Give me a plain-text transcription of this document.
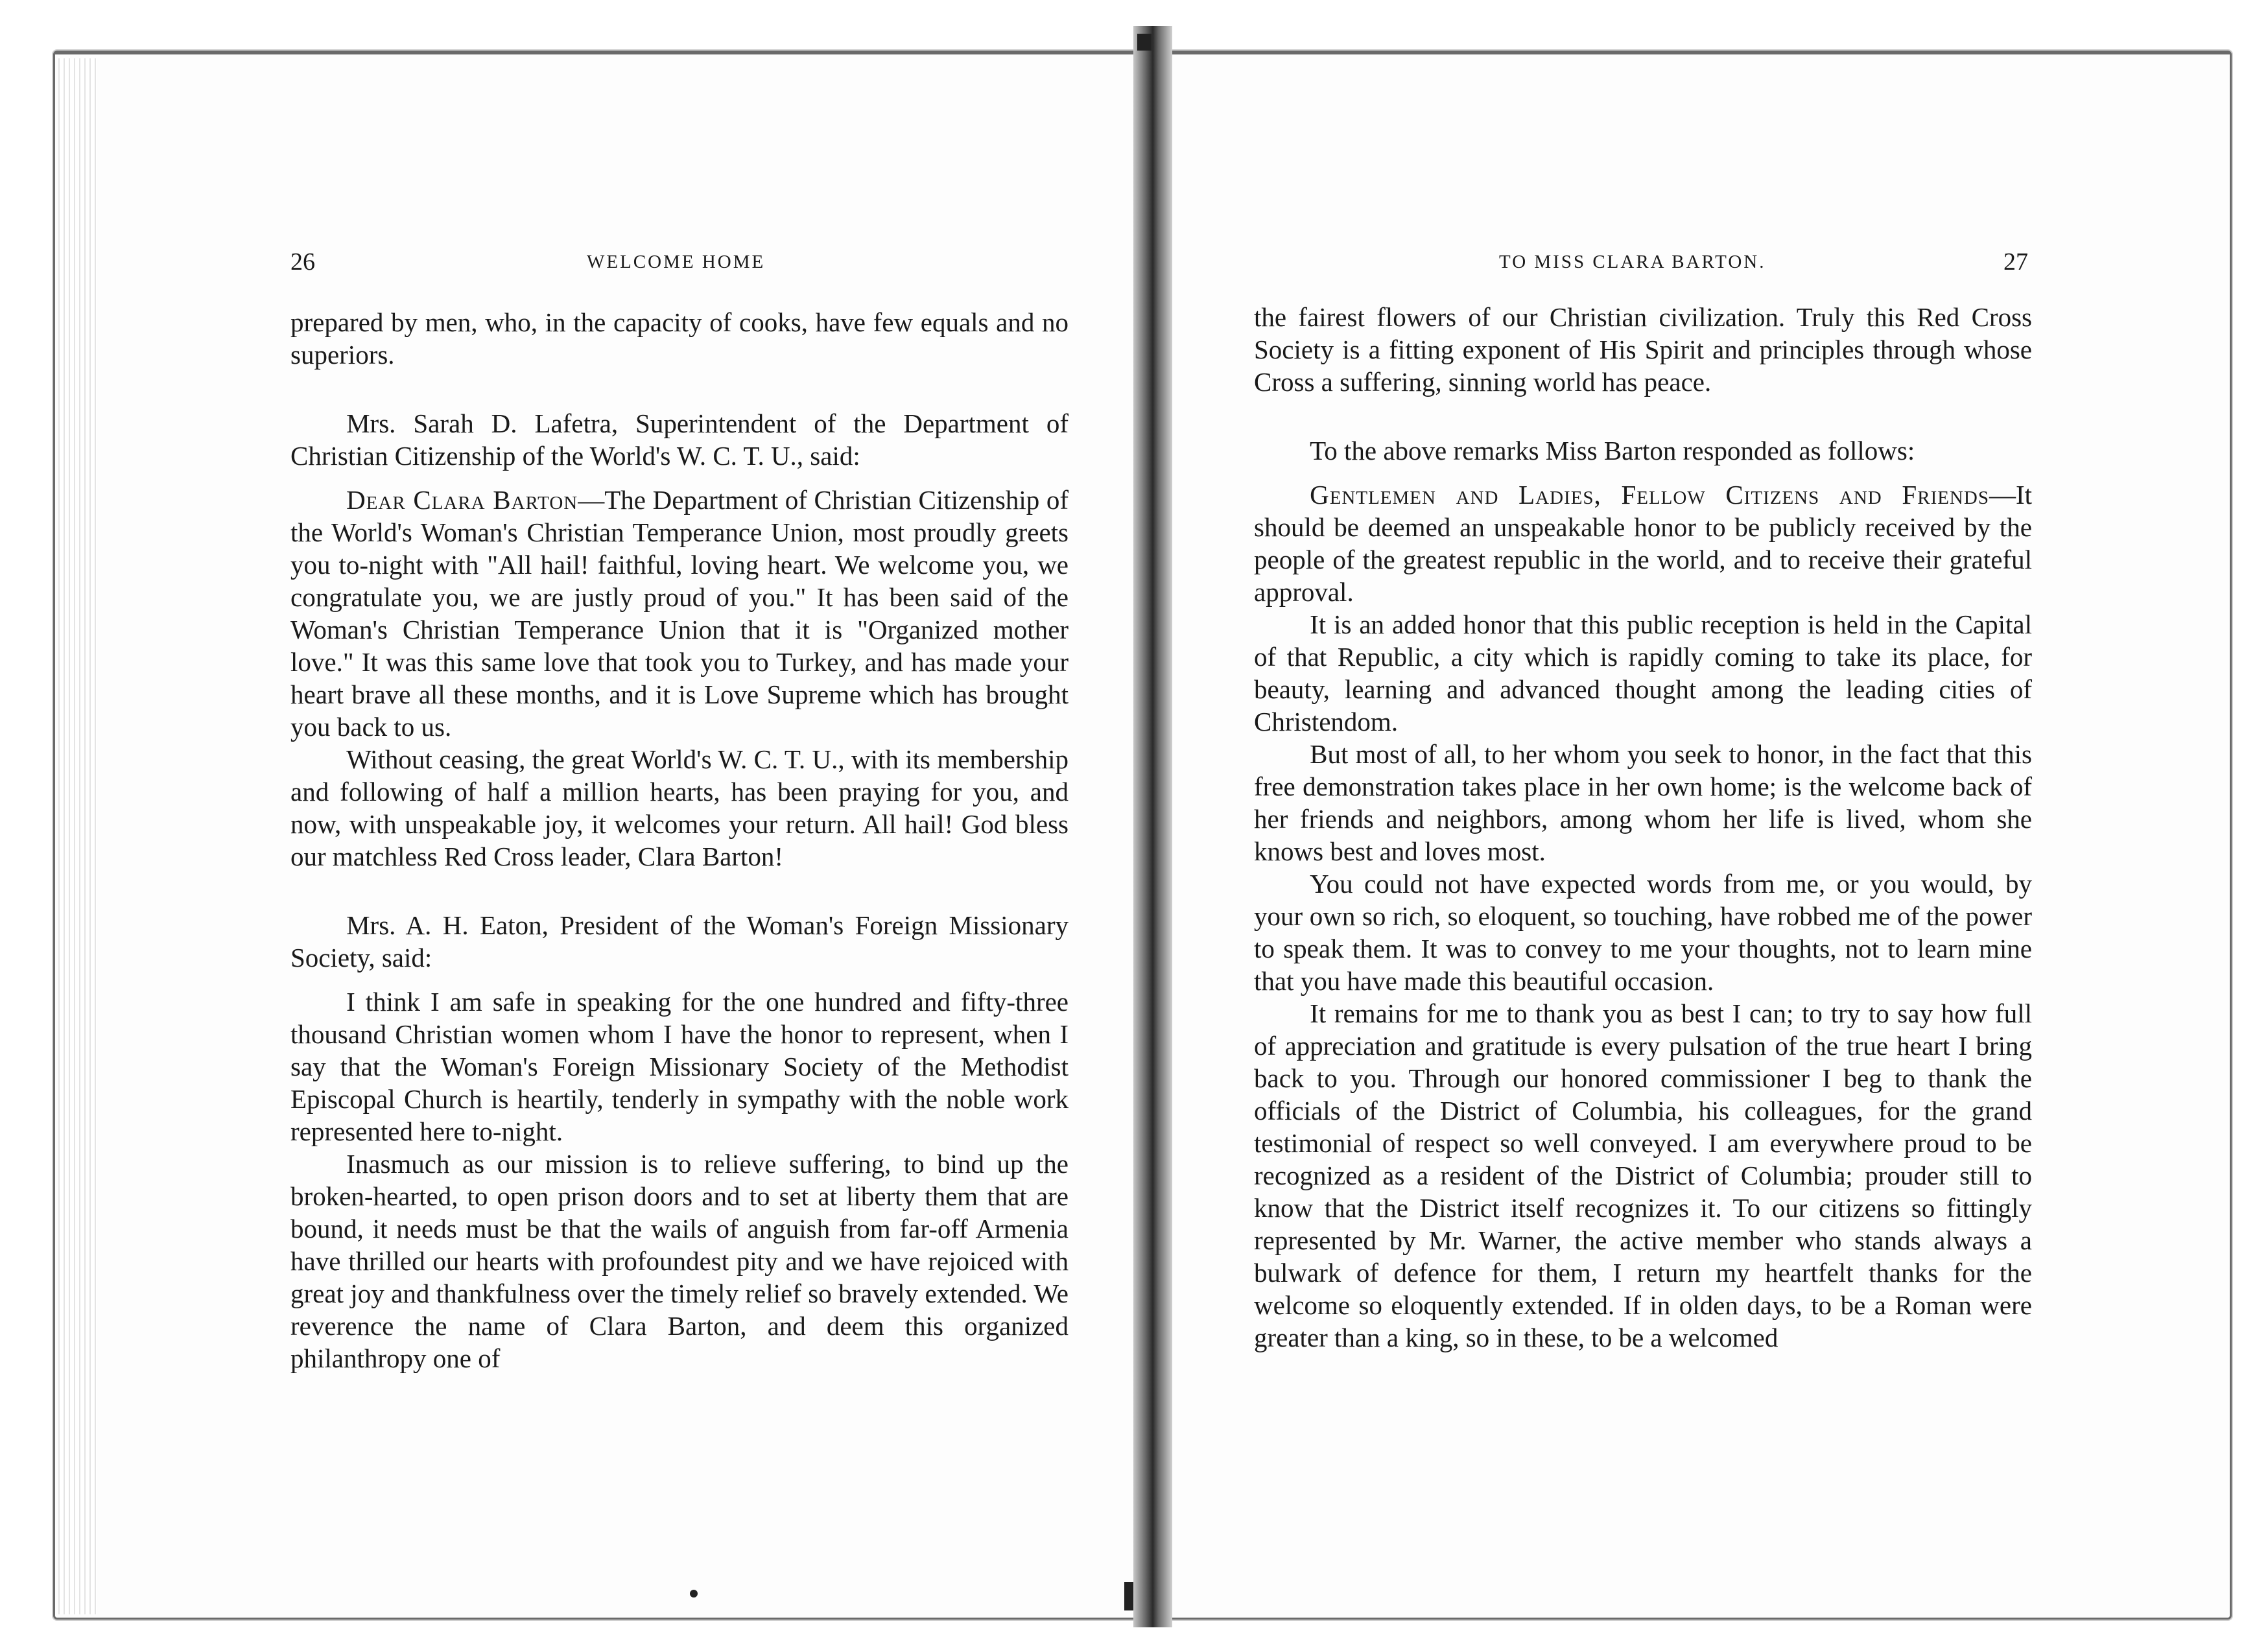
26	WELCOME HOME

prepared by men, who, in the capacity of cooks, have few equals and no superiors.

Mrs. Sarah D. Lafetra, Superintendent of the Department of Christian Citizenship of the World's W. C. T. U., said:

Dear Clara Barton—The Department of Christian Citizenship of the World's Woman's Christian Temperance Union, most proudly greets you to-night with "All hail! faithful, loving heart. We welcome you, we congratulate you, we are justly proud of you." It has been said of the Woman's Christian Temperance Union that it is "Organized mother love." It was this same love that took you to Turkey, and has made your heart brave all these months, and it is Love Supreme which has brought you back to us.

Without ceasing, the great World's W. C. T. U., with its membership and following of half a million hearts, has been praying for you, and now, with unspeakable joy, it welcomes your return. All hail! God bless our matchless Red Cross leader, Clara Barton!

Mrs. A. H. Eaton, President of the Woman's Foreign Missionary Society, said:

I think I am safe in speaking for the one hundred and fifty-three thousand Christian women whom I have the honor to represent, when I say that the Woman's Foreign Missionary Society of the Methodist Episcopal Church is heartily, tenderly in sympathy with the noble work represented here to-night.

Inasmuch as our mission is to relieve suffering, to bind up the broken-hearted, to open prison doors and to set at liberty them that are bound, it needs must be that the wails of anguish from far-off Armenia have thrilled our hearts with profoundest pity and we have rejoiced with great joy and thankfulness over the timely relief so bravely extended. We reverence the name of Clara Barton, and deem this organized philanthropy one of

TO MISS CLARA BARTON.	27

the fairest flowers of our Christian civilization. Truly this Red Cross Society is a fitting exponent of His Spirit and principles through whose Cross a suffering, sinning world has peace.

To the above remarks Miss Barton responded as follows:

Gentlemen and Ladies, Fellow Citizens and Friends—It should be deemed an unspeakable honor to be publicly received by the people of the greatest republic in the world, and to receive their grateful approval.

It is an added honor that this public reception is held in the Capital of that Republic, a city which is rapidly coming to take its place, for beauty, learning and advanced thought among the leading cities of Christendom.

But most of all, to her whom you seek to honor, in the fact that this free demonstration takes place in her own home; is the welcome back of her friends and neighbors, among whom her life is lived, whom she knows best and loves most.

You could not have expected words from me, or you would, by your own so rich, so eloquent, so touching, have robbed me of the power to speak them. It was to convey to me your thoughts, not to learn mine that you have made this beautiful occasion.

It remains for me to thank you as best I can; to try to say how full of appreciation and gratitude is every pulsation of the true heart I bring back to you. Through our honored commissioner I beg to thank the officials of the District of Columbia, his colleagues, for the grand testimonial of respect so well conveyed. I am everywhere proud to be recognized as a resident of the District of Columbia; prouder still to know that the District itself recognizes it. To our citizens so fittingly represented by Mr. Warner, the active member who stands always a bulwark of defence for them, I return my heartfelt thanks for the welcome so eloquently extended. If in olden days, to be a Roman were greater than a king, so in these, to be a welcomed
